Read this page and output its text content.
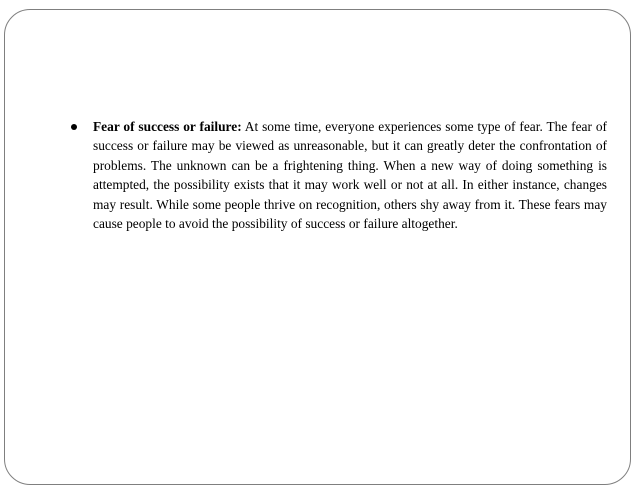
Fear of success or failure: At some time, everyone experiences some type of fear. The fear of success or failure may be viewed as unreasonable, but it can greatly deter the confrontation of problems. The unknown can be a frightening thing. When a new way of doing something is attempted, the possibility exists that it may work well or not at all. In either instance, changes may result. While some people thrive on recognition, others shy away from it. These fears may cause people to avoid the possibility of success or failure altogether.
